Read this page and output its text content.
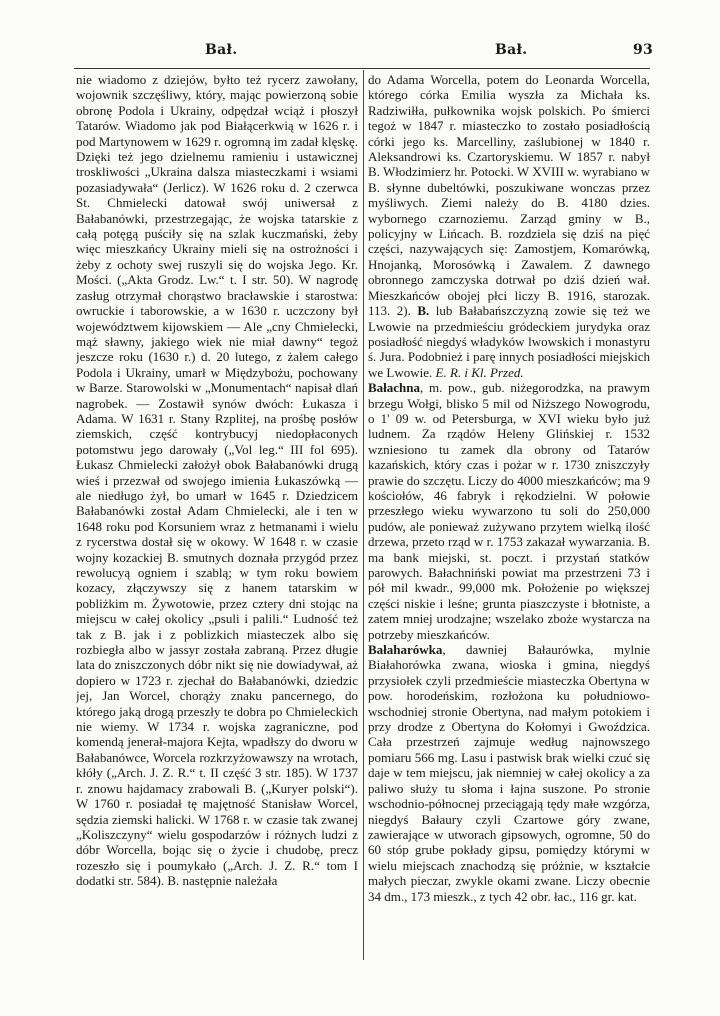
Bał.	Bał.	93

nie wiadomo z dziejów, byłto też rycerz zawołany, wojownik szczęśliwy, który, mając powierzoną sobie obronę Podola i Ukrainy, odpędzał wciąż i płoszył Tatarów. Wiadomo jak pod Białącerkwią w 1626 r. i pod Martynowem w 1629 r. ogromną im zadał klęskę. Dzięki też jego dzielnemu ramieniu i ustawicznej troskliwości „Ukraina dalsza miasteczkami i wsiami pozasiadywała“ (Jerlicz). W 1626 roku d. 2 czerwca St. Chmielecki datował swój uniwersał z Bałabanówki, przestrzegając, że wojska tatarskie z całą potęgą puściły się na szlak kuczmański, żeby więc mieszkańcy Ukrainy mieli się na ostrożności i żeby z ochoty swej ruszyli się do wojska Jego. Kr. Mości. („Akta Grodz. Lw.“ t. I str. 50). W nagrodę zasług otrzymał chorąstwo bracławskie i starostwa: owruckie i taborowskie, a w 1630 r. uczczony był województwem kijowskiem — Ale „cny Chmielecki, mąż sławny, jakiego wiek nie miał dawny“ tegoż jeszcze roku (1630 r.) d. 20 lutego, z żalem całego Podola i Ukrainy, umarł w Międzybożu, pochowany w Barze. Starowolski w „Monumentach“ napisał dlań nagrobek. — Zostawił synów dwóch: Łukasza i Adama. W 1631 r. Stany Rzplitej, na prośbę posłów ziemskich, część kontrybucyj niedopłaconych potomstwu jego darowały („Vol leg.“ III fol 695). Łukasz Chmielecki założył obok Bałabanówki drugą wieś i przezwał od swojego imienia Łukaszówką — ale niedługo żył, bo umarł w 1645 r. Dziedzicem Bałabanówki został Adam Chmielecki, ale i ten w 1648 roku pod Korsuniem wraz z hetmanami i wielu z rycerstwa dostał się w okowy. W 1648 r. w czasie wojny kozackiej B. smutnych doznała przygód przez rewolucyą ogniem i szablą; w tym roku bowiem kozacy, złączywszy się z hanem tatarskim w pobliżkim m. Żywotowie, przez cztery dni stojąc na miejscu w całej okolicy „psuli i palili.“ Ludność też tak z B. jak i z poblizkich miasteczek albo się rozbiegła albo w jassyr została zabraną. Przez długie lata do zniszczonych dóbr nikt się nie dowiadywał, aż dopiero w 1723 r. zjechał do Bałabanówki, dziedzic jej, Jan Worcel, chorąży znaku pancernego, do którego jaką drogą przeszły te dobra po Chmieleckich nie wiemy. W 1734 r. wojska zagraniczne, pod komendą jenerał-majora Kejta, wpadłszy do dworu w Bałabanówce, Worcela rozkrzyżowawszy na wrotach, kłóły („Arch. J. Z. R.“ t. II część 3 str. 185). W 1737 r. znowu hajdamacy zrabowali B. („Kuryer polski“). W 1760 r. posiadał tę majętność Stanisław Worcel, sędzia ziemski halicki. W 1768 r. w czasie tak zwanej „Koliszczyny“ wielu gospodarzów i różnych ludzi z dóbr Worcella, bojąc się o życie i chudobę, precz rozeszło się i poumykało („Arch. J. Z. R.“ tom I dodatki str. 584). B. następnie należała

do Adama Worcella, potem do Leonarda Worcella, którego córka Emilia wyszła za Michała ks. Radziwiłła, pułkownika wojsk polskich. Po śmierci tegoż w 1847 r. miasteczko to zostało posiadłością córki jego ks. Marcelliny, zaślubionej w 1840 r. Aleksandrowi ks. Czartoryskiemu. W 1857 r. nabył B. Włodzimierz hr. Potocki. W XVIII w. wyrabiano w B. słynne dubeltówki, poszukiwane wonczas przez myśliwych. Ziemi należy do B. 4180 dzies. wybornego czarnoziemu. Zarząd gminy w B., policyjny w Lińcach. B. rozdziela się dziś na pięć części, nazywających się: Zamostjem, Komarówką, Hnojanką, Morosówką i Zawalem. Z dawnego obronnego zamczyska dotrwał po dziś dzień wał. Mieszkańców obojej płci liczy B. 1916, starozak. 113. 2). B. lub Bałabańszczyzną zowie się też we Lwowie na przedmieściu gródeckiem jurydyka oraz posiadłość niegdyś władyków lwowskich i monastyru ś. Jura. Podobnież i parę innych posiadłości miejskich we Lwowie. E. R. i Kl. Przed.

Bałachna, m. pow., gub. niżegorodzka, na prawym brzegu Wołgi, blisko 5 mil od Niższego Nowogrodu, o 1' 09 w. od Petersburga, w XVI wieku było już ludnem. Za rządów Heleny Glińskiej r. 1532 wzniesiono tu zamek dla obrony od Tatarów kazańskich, który czas i pożar w r. 1730 zniszczyły prawie do szczętu. Liczy do 4000 mieszkańców; ma 9 kościołów, 46 fabryk i rękodzielni. W połowie przeszłego wieku wywarzono tu soli do 250,000 pudów, ale ponieważ zużywano przytem wielką ilość drzewa, przeto rząd w r. 1753 zakazał wywarzania. B. ma bank miejski, st. poczt. i przystań statków parowych. Bałachniński powiat ma przestrzeni 73 i pół mil kwadr., 99,000 mk. Położenie po większej części niskie i leśne; grunta piaszczyste i błotniste, a zatem mniej urodzajne; wszelako zboże wystarcza na potrzeby mieszkańców.

Bałaharówka, dawniej Bałaurówka, mylnie Białahorówka zwana, wioska i gmina, niegdyś przysiołek czyli przedmieście miasteczka Obertyna w pow. horodeńskim, rozłożona ku południowo-wschodniej stronie Obertyna, nad małym potokiem i przy drodze z Obertyna do Kołomyi i Gwoździca. Cała przestrzeń zajmuje według najnowszego pomiaru 566 mg. Lasu i pastwisk brak wielki czuć się daje w tem miejscu, jak niemniej w całej okolicy a za paliwo służy tu słoma i łajna suszone. Po stronie wschodnio-północnej przeciągają tędy małe wzgórza, niegdyś Bałaury czyli Czartowe góry zwane, zawierające w utworach gipsowych, ogromne, 50 do 60 stóp grube pokłady gipsu, pomiędzy którymi w wielu miejscach znachodzą się próżnie, w kształcie małych pieczar, zwykle okami zwane. Liczy obecnie 34 dm., 173 mieszk., z tych 42 obr. łac., 116 gr. kat.
